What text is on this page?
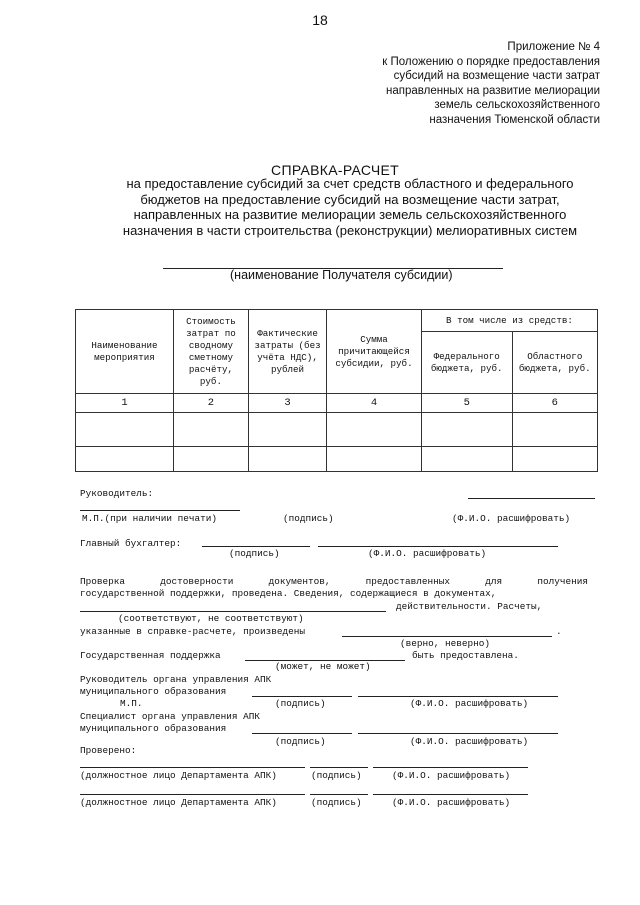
18
Приложение № 4
к Положению о порядке предоставления
субсидий на возмещение части затрат
направленных на развитие мелиорации
земель сельскохозяйственного
назначения Тюменской области
СПРАВКА-РАСЧЕТ
на предоставление субсидий за счет средств областного и федерального
бюджетов на предоставление субсидий на возмещение части затрат,
направленных на развитие мелиорации земель сельскохозяйственного
назначения в части строительства (реконструкции) мелиоративных систем
(наименование Получателя субсидии)
Наименование мероприятия	Стоимость затрат по сводному сметному расчёту, руб.	Фактические затраты (без учёта НДС), рублей	Сумма причитающейся субсидии, руб.	В том числе из средств:	
				Федерального бюджета, руб.	Областного бюджета, руб.
1	2	3	4	5	6

Руководитель:
М.П.(при наличии печати)	(подпись)	(Ф.И.О. расшифровать)
Главный бухгалтер:
(подпись)	(Ф.И.О. расшифровать)
Проверка достоверности документов, предоставленных для получения
государственной поддержки, проведена. Сведения, содержащиеся в документах,
действительности. Расчеты,
(соответствуют, не соответствуют)
указанные в справке-расчете, произведены	.
(верно, неверно)
Государственная поддержка	быть предоставлена.
(может, не может)
Руководитель органа управления АПК
муниципального образования
М.П.	(подпись)	(Ф.И.О. расшифровать)
Специалист органа управления АПК
муниципального образования
(подпись)	(Ф.И.О. расшифровать)
Проверено:
(должностное лицо Департамента АПК)	(подпись)	(Ф.И.О. расшифровать)
(должностное лицо Департамента АПК)	(подпись)	(Ф.И.О. расшифровать)
